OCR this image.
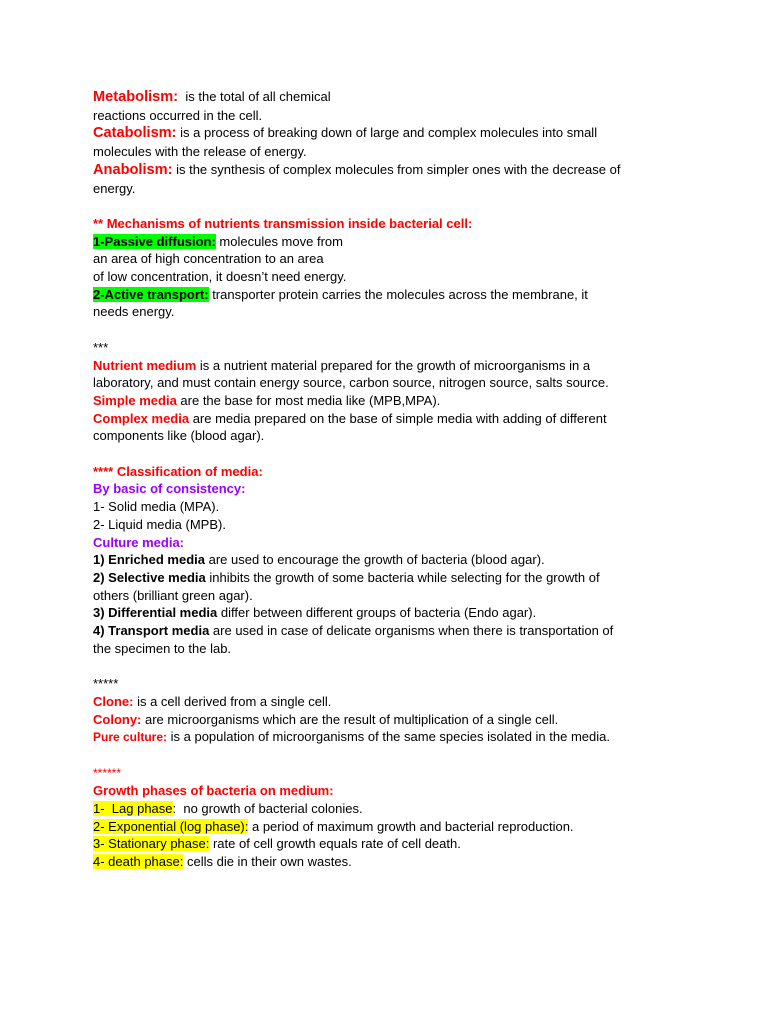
Metabolism:  is the total of all chemical
reactions occurred in the cell.
Catabolism: is a process of breaking down of large and complex molecules into small
molecules with the release of energy.
Anabolism: is the synthesis of complex molecules from simpler ones with the decrease of
energy.
** Mechanisms of nutrients transmission inside bacterial cell:
1-Passive diffusion: molecules move from
an area of high concentration to an area
of low concentration, it doesn’t need energy.
2-Active transport: transporter protein carries the molecules across the membrane, it
needs energy.
***
Nutrient medium is a nutrient material prepared for the growth of microorganisms in a
laboratory, and must contain energy source, carbon source, nitrogen source, salts source.
Simple media are the base for most media like (MPB,MPA).
Complex media are media prepared on the base of simple media with adding of different
components like (blood agar).
**** Classification of media:
By basic of consistency:
1- Solid media (MPA).
2- Liquid media (MPB).
Culture media:
1) Enriched media are used to encourage the growth of bacteria (blood agar).
2) Selective media inhibits the growth of some bacteria while selecting for the growth of
others (brilliant green agar).
3) Differential media differ between different groups of bacteria (Endo agar).
4) Transport media are used in case of delicate organisms when there is transportation of
the specimen to the lab.
*****
Clone: is a cell derived from a single cell.
Colony: are microorganisms which are the result of multiplication of a single cell.
Pure culture: is a population of microorganisms of the same species isolated in the media.
******
Growth phases of bacteria on medium:
1-  Lag phase:  no growth of bacterial colonies.
2- Exponential (log phase): a period of maximum growth and bacterial reproduction.
3- Stationary phase: rate of cell growth equals rate of cell death.
4- death phase: cells die in their own wastes.
